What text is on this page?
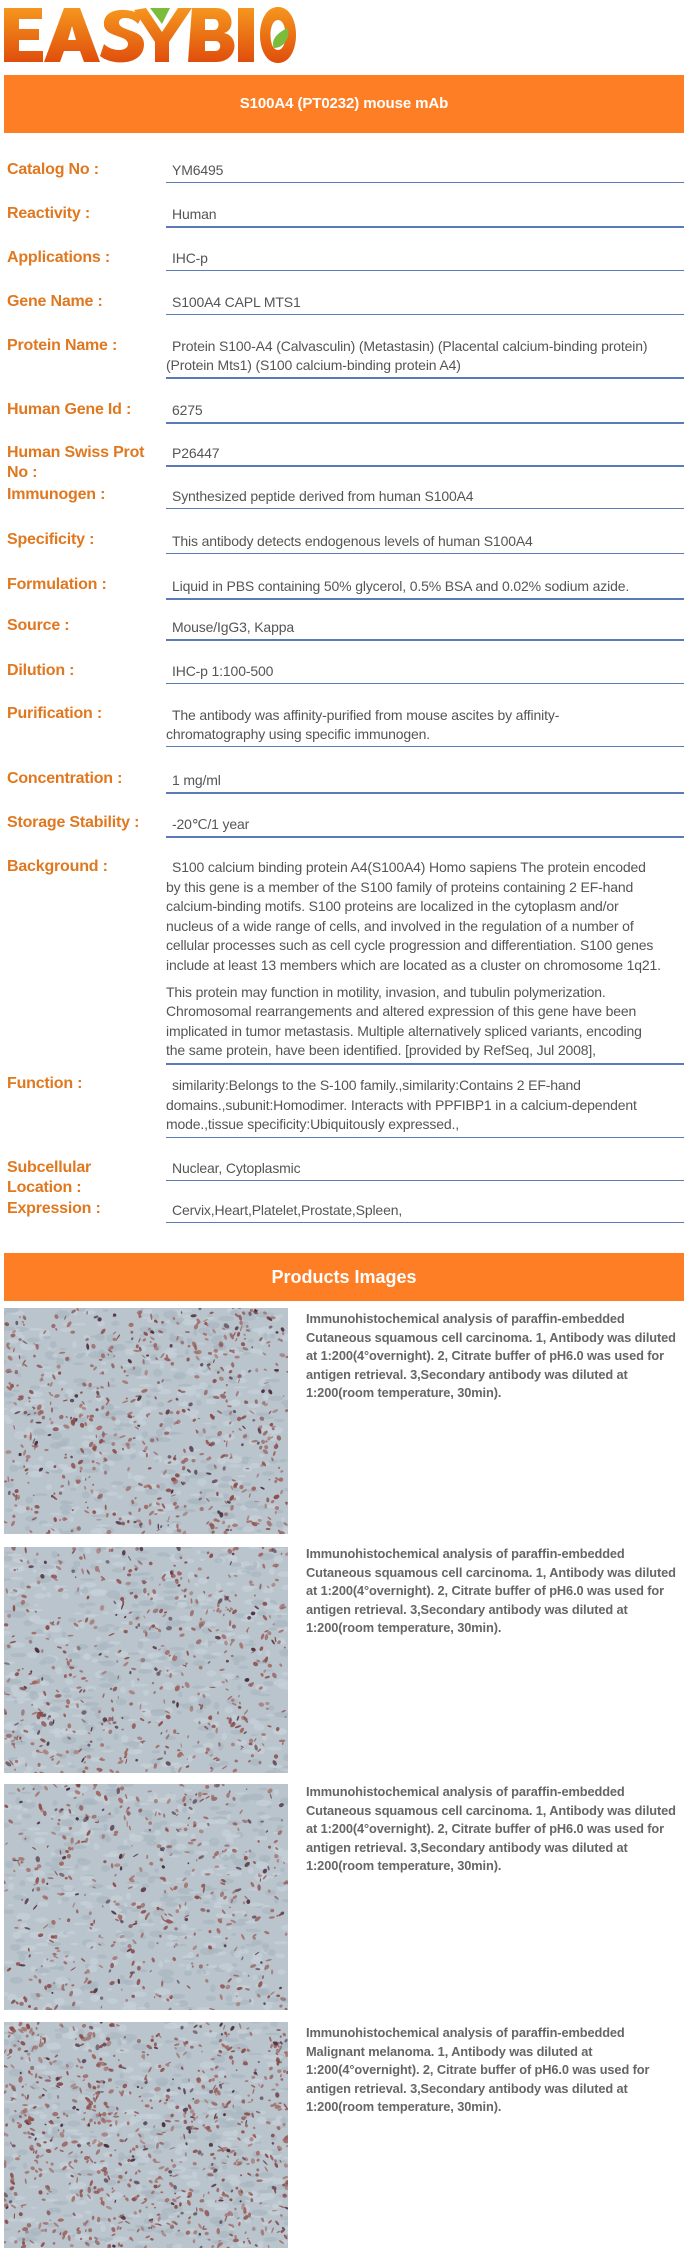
S100A4 (PT0232) mouse mAb
Catalog No :	YM6495
Reactivity :	Human
Applications :	IHC-p
Gene Name :	S100A4 CAPL MTS1
Protein Name :	Protein S100-A4 (Calvasculin) (Metastasin) (Placental calcium-binding protein)
(Protein Mts1) (S100 calcium-binding protein A4)
Human Gene Id :	6275
Human Swiss Prot
No :
P26447
Immunogen :	Synthesized peptide derived from human S100A4
Specificity :	This antibody detects endogenous levels of human S100A4
Formulation :	Liquid in PBS containing 50% glycerol, 0.5% BSA and 0.02% sodium azide.
Source :	Mouse/IgG3, Kappa
Dilution :	IHC-p 1:100-500
Purification :	The antibody was affinity-purified from mouse ascites by affinity-
chromatography using specific immunogen.
Concentration :	1 mg/ml
Storage Stability :	-20℃/1 year
Background :	S100 calcium binding protein A4(S100A4) Homo sapiens The protein encoded
by this gene is a member of the S100 family of proteins containing 2 EF-hand
calcium-binding motifs. S100 proteins are localized in the cytoplasm and/or
nucleus of a wide range of cells, and involved in the regulation of a number of
cellular processes such as cell cycle progression and differentiation. S100 genes
include at least 13 members which are located as a cluster on chromosome 1q21.
This protein may function in motility, invasion, and tubulin polymerization.
Chromosomal rearrangements and altered expression of this gene have been
implicated in tumor metastasis. Multiple alternatively spliced variants, encoding
the same protein, have been identified. [provided by RefSeq, Jul 2008],
Function :	similarity:Belongs to the S-100 family.,similarity:Contains 2 EF-hand
domains.,subunit:Homodimer. Interacts with PPFIBP1 in a calcium-dependent
mode.,tissue specificity:Ubiquitously expressed.,
Subcellular
Location :
Nuclear, Cytoplasmic
Expression :	Cervix,Heart,Platelet,Prostate,Spleen,
Products Images
Immunohistochemical analysis of paraffin-embedded
Cutaneous squamous cell carcinoma. 1, Antibody was diluted
at 1:200(4°overnight). 2, Citrate buffer of pH6.0 was used for
antigen retrieval. 3,Secondary antibody was diluted at
1:200(room temperature, 30min).
Immunohistochemical analysis of paraffin-embedded
Cutaneous squamous cell carcinoma. 1, Antibody was diluted
at 1:200(4°overnight). 2, Citrate buffer of pH6.0 was used for
antigen retrieval. 3,Secondary antibody was diluted at
1:200(room temperature, 30min).
Immunohistochemical analysis of paraffin-embedded
Cutaneous squamous cell carcinoma. 1, Antibody was diluted
at 1:200(4°overnight). 2, Citrate buffer of pH6.0 was used for
antigen retrieval. 3,Secondary antibody was diluted at
1:200(room temperature, 30min).
Immunohistochemical analysis of paraffin-embedded
Malignant melanoma. 1, Antibody was diluted at
1:200(4°overnight). 2, Citrate buffer of pH6.0 was used for
antigen retrieval. 3,Secondary antibody was diluted at
1:200(room temperature, 30min).
